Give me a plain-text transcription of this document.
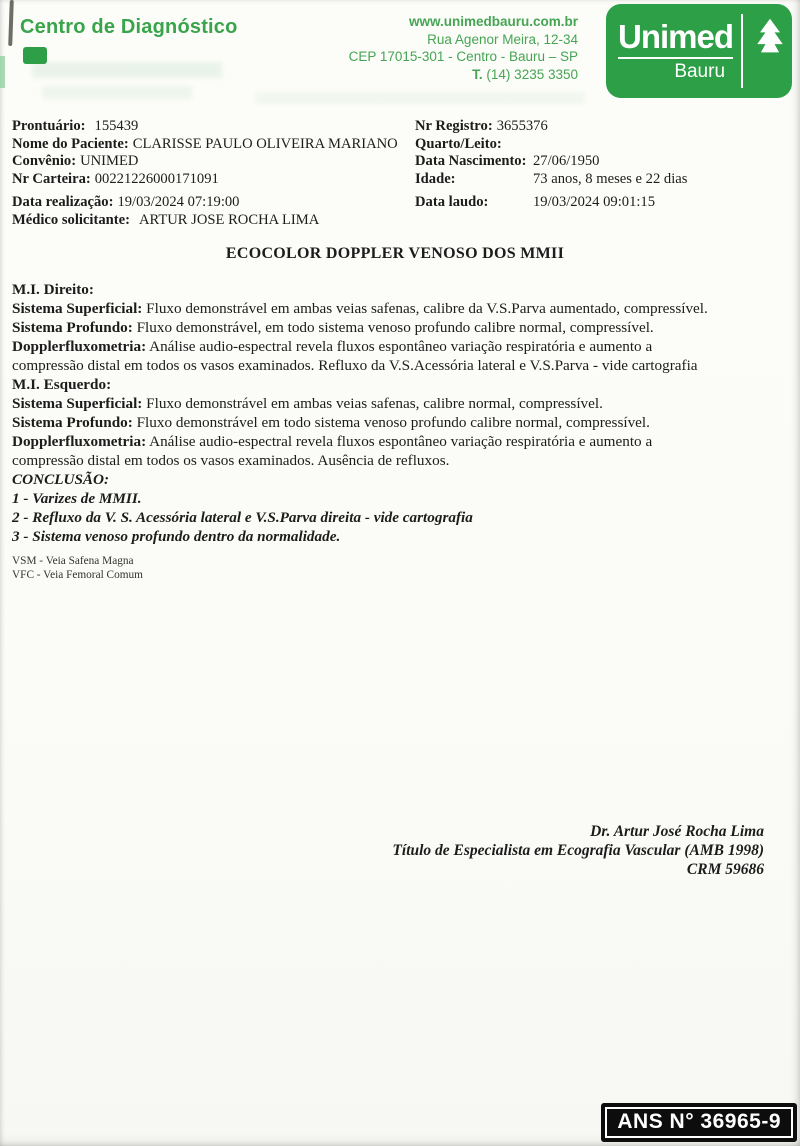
Centro de Diagnóstico	www.unimedbauru.com.br
Rua Agenor Meira, 12-34
CEP 17015-301 - Centro - Bauru – SP
T. (14) 3235 3350
Unimed
Bauru

Prontuário: 155439

Nome do Paciente: CLARISSE PAULO OLIVEIRA MARIANO

Convênio: UNIMED

Nr Carteira: 00221226000171091

Data realização: 19/03/2024 07:19:00

Médico solicitante: ARTUR JOSE ROCHA LIMA

Nr Registro: 3655376

Quarto/Leito:

Data Nascimento: 27/06/1950

Idade:	73 anos, 8 meses e 22 dias

Data laudo:	19/03/2024 09:01:15

ECOCOLOR DOPPLER VENOSO DOS MMII

M.I. Direito:

Sistema Superficial: Fluxo demonstrável em ambas veias safenas, calibre da V.S.Parva aumentado, compressível.

Sistema Profundo: Fluxo demonstrável, em todo sistema venoso profundo calibre normal, compressível.

Dopplerfluxometria: Análise audio-espectral revela fluxos espontâneo variação respiratória e aumento a compressão distal em todos os vasos examinados. Refluxo da V.S.Acessória lateral e V.S.Parva - vide cartografia

M.I. Esquerdo:

Sistema Superficial: Fluxo demonstrável em ambas veias safenas, calibre normal, compressível.

Sistema Profundo: Fluxo demonstrável em todo sistema venoso profundo calibre normal, compressível.

Dopplerfluxometria: Análise audio-espectral revela fluxos espontâneo variação respiratória e aumento a compressão distal em todos os vasos examinados. Ausência de refluxos.

CONCLUSÃO:

1 - Varizes de MMII.

2 - Refluxo da V. S. Acessória lateral e V.S.Parva direita - vide cartografia

3 - Sistema venoso profundo dentro da normalidade.

VSM - Veia Safena Magna

VFC - Veia Femoral Comum

Dr. Artur José Rocha Lima
Título de Especialista em Ecografia Vascular (AMB 1998)
CRM 59686
ANS N° 36965-9
